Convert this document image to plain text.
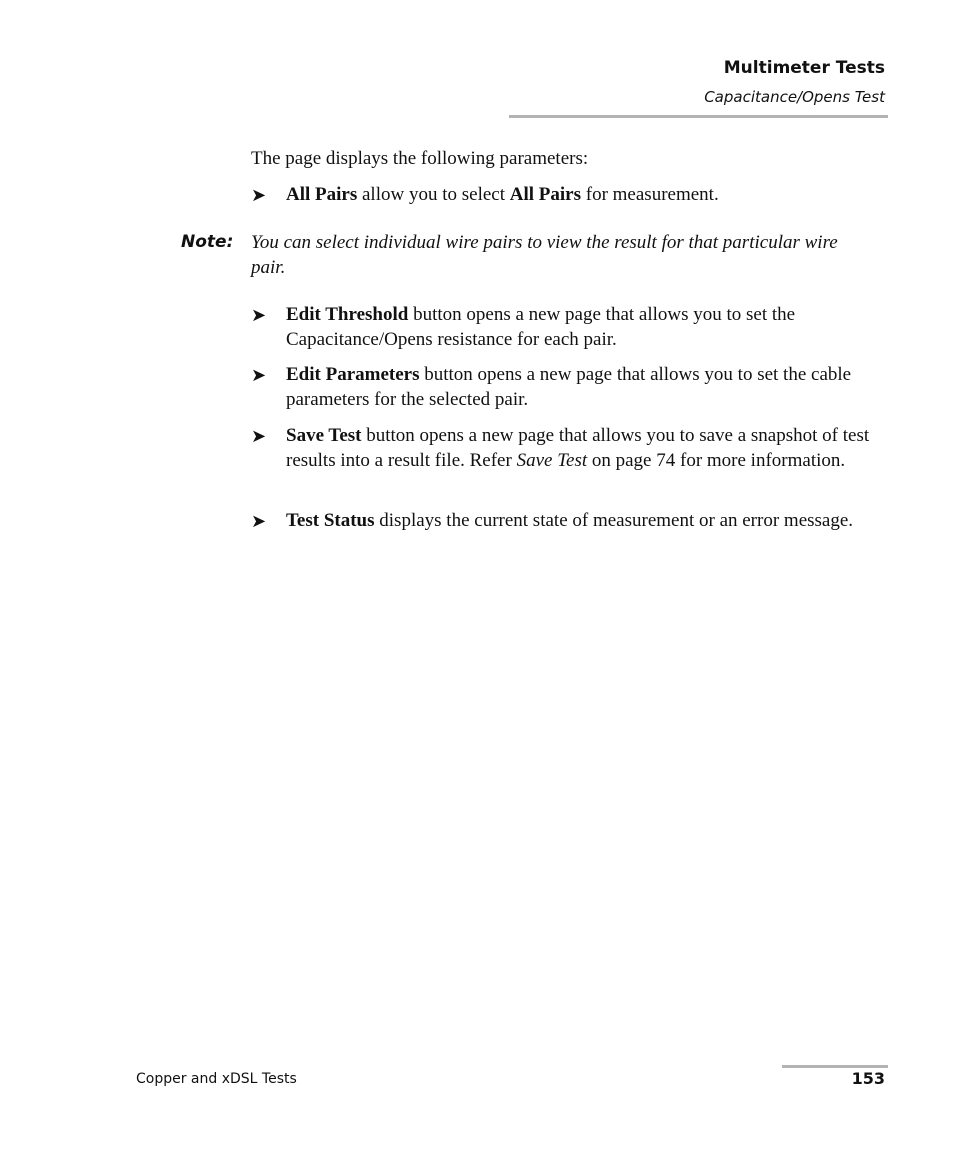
Multimeter Tests
Capacitance/Opens Test
The page displays the following parameters:
➤	All Pairs allow you to select All Pairs for measurement.
Note: You can select individual wire pairs to view the result for that particular wire pair.
➤	Edit Threshold button opens a new page that allows you to set the Capacitance/Opens resistance for each pair.
➤	Edit Parameters button opens a new page that allows you to set the cable parameters for the selected pair.
➤	Save Test button opens a new page that allows you to save a snapshot of test results into a result file. Refer Save Test on page 74 for more information.
➤	Test Status displays the current state of measurement or an error message.
Copper and xDSL Tests	153
